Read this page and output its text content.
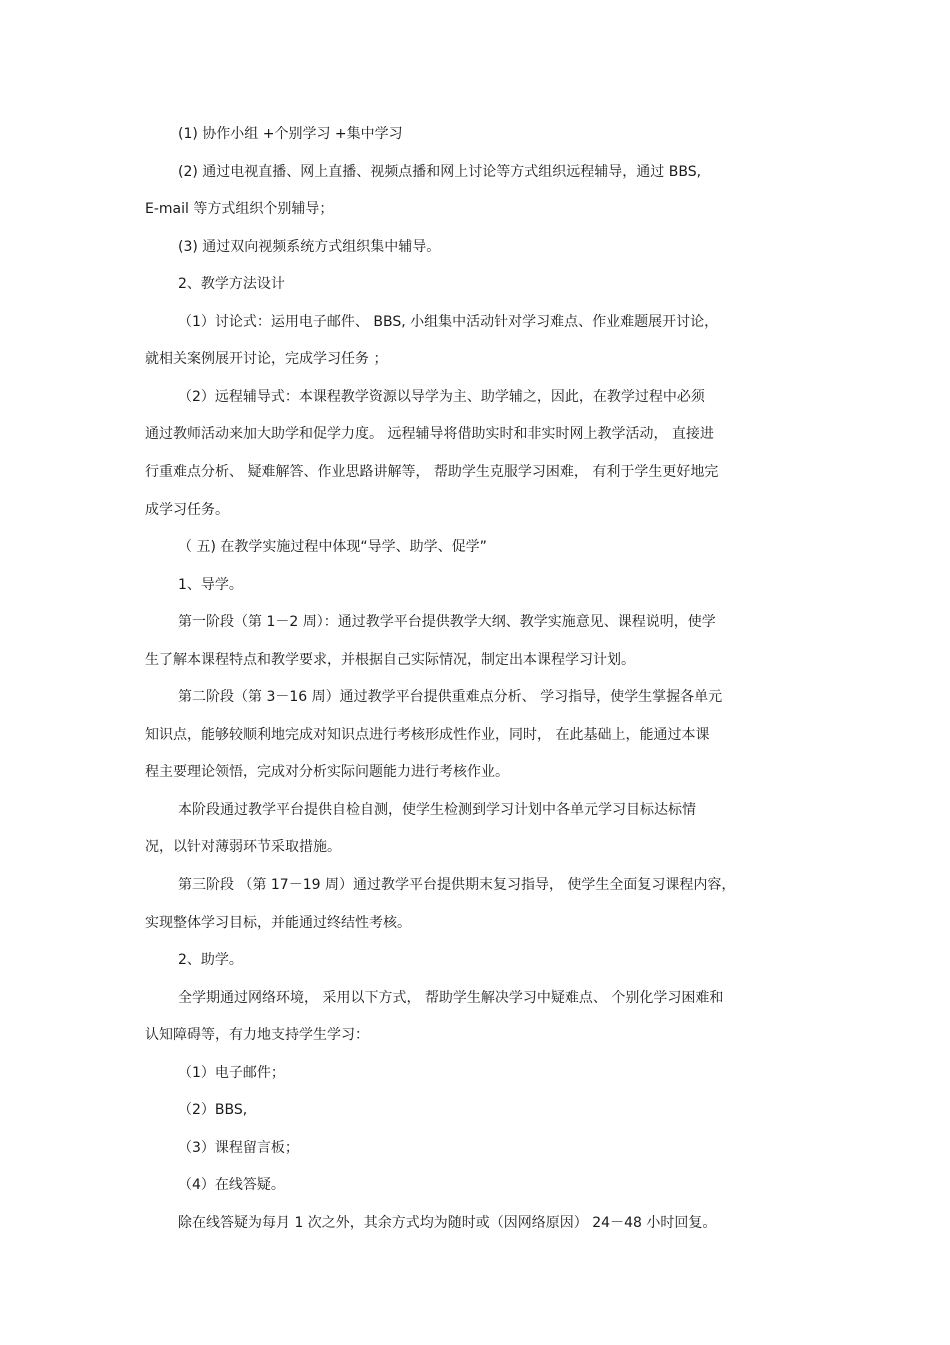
(1) 协作小组 +个别学习 +集中学习
(2) 通过电视直播、网上直播、视频点播和网上讨论等方式组织远程辅导，通过 BBS,
E-mail 等方式组织个别辅导；
(3) 通过双向视频系统方式组织集中辅导。
2、教学方法设计
（1）讨论式：运用电子邮件、 BBS, 小组集中活动针对学习难点、作业难题展开讨论，
就相关案例展开讨论，完成学习任务 ；
（2）远程辅导式：本课程教学资源以导学为主、助学辅之，因此，在教学过程中必须
通过教师活动来加大助学和促学力度。 远程辅导将借助实时和非实时网上教学活动， 直接进
行重难点分析、 疑难解答、作业思路讲解等， 帮助学生克服学习困难， 有利于学生更好地完
成学习任务。
（ 五) 在教学实施过程中体现“导学、助学、促学”
1、导学。
第一阶段（第 1－2 周）：通过教学平台提供教学大纲、教学实施意见、课程说明，使学
生了解本课程特点和教学要求，并根据自己实际情况，制定出本课程学习计划。
第二阶段（第 3－16 周）通过教学平台提供重难点分析、 学习指导，使学生掌握各单元
知识点，能够较顺利地完成对知识点进行考核形成性作业，同时， 在此基础上，能通过本课
程主要理论领悟，完成对分析实际问题能力进行考核作业。
本阶段通过教学平台提供自检自测，使学生检测到学习计划中各单元学习目标达标情
况，以针对薄弱环节采取措施。
第三阶段 （第 17－19 周）通过教学平台提供期末复习指导， 使学生全面复习课程内容，
实现整体学习目标，并能通过终结性考核。
2、助学。
全学期通过网络环境， 采用以下方式， 帮助学生解决学习中疑难点、 个别化学习困难和
认知障碍等，有力地支持学生学习：
（1）电子邮件；
（2）BBS,
（3）课程留言板；
（4）在线答疑。
除在线答疑为每月 1 次之外，其余方式均为随时或（因网络原因） 24－48 小时回复。
